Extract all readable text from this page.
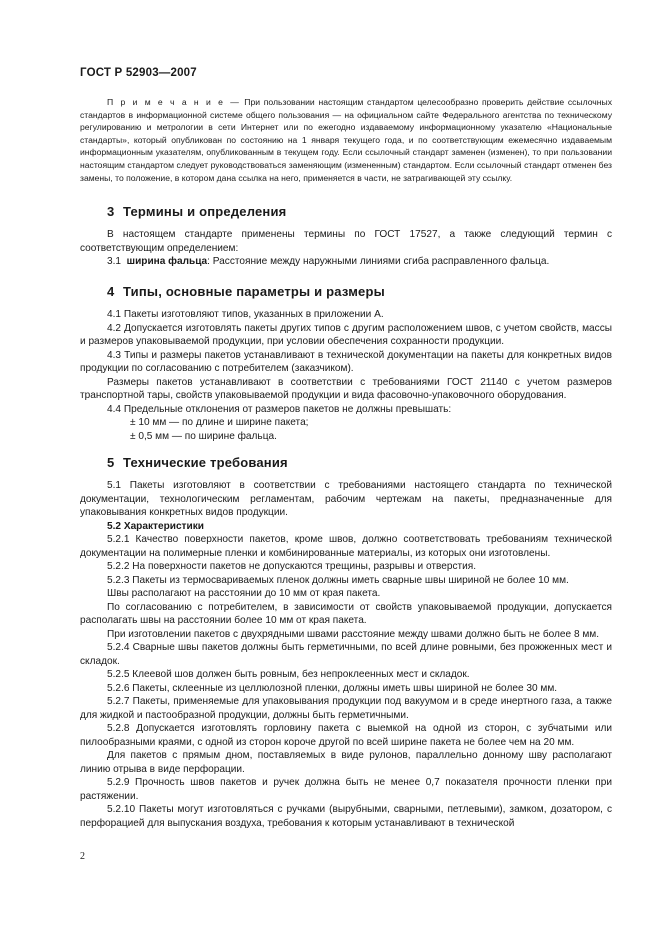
ГОСТ Р 52903—2007

П р и м е ч а н и е — При пользовании настоящим стандартом целесообразно проверить действие ссылочных стандартов в информационной системе общего пользования — на официальном сайте Федерального агентства по техническому регулированию и метрологии в сети Интернет или по ежегодно издаваемому информационному указателю «Национальные стандарты», который опубликован по состоянию на 1 января текущего года, и по соответствующим ежемесячно издаваемым информационным указателям, опубликованным в текущем году. Если ссылочный стандарт заменен (изменен), то при пользовании настоящим стандартом следует руководствоваться заменяющим (измененным) стандартом. Если ссылочный стандарт отменен без замены, то положение, в котором дана ссылка на него, применяется в части, не затрагивающей эту ссылку.

3 Термины и определения

В настоящем стандарте применены термины по ГОСТ 17527, а также следующий термин с соответствующим определением:

3.1 ширина фальца: Расстояние между наружными линиями сгиба расправленного фальца.

4 Типы, основные параметры и размеры

4.1 Пакеты изготовляют типов, указанных в приложении А.

4.2 Допускается изготовлять пакеты других типов с другим расположением швов, с учетом свойств, массы и размеров упаковываемой продукции, при условии обеспечения сохранности продукции.

4.3 Типы и размеры пакетов устанавливают в технической документации на пакеты для конкретных видов продукции по согласованию с потребителем (заказчиком).

Размеры пакетов устанавливают в соответствии с требованиями ГОСТ 21140 с учетом размеров транспортной тары, свойств упаковываемой продукции и вида фасовочно-упаковочного оборудования.

4.4 Предельные отклонения от размеров пакетов не должны превышать:

± 10 мм — по длине и ширине пакета;

± 0,5 мм — по ширине фальца.

5 Технические требования

5.1 Пакеты изготовляют в соответствии с требованиями настоящего стандарта по технической документации, технологическим регламентам, рабочим чертежам на пакеты, предназначенные для упаковывания конкретных видов продукции.

5.2 Характеристики

5.2.1 Качество поверхности пакетов, кроме швов, должно соответствовать требованиям технической документации на полимерные пленки и комбинированные материалы, из которых они изготовлены.

5.2.2 На поверхности пакетов не допускаются трещины, разрывы и отверстия.

5.2.3 Пакеты из термосвариваемых пленок должны иметь сварные швы шириной не более 10 мм.

Швы располагают на расстоянии до 10 мм от края пакета.

По согласованию с потребителем, в зависимости от свойств упаковываемой продукции, допускается располагать швы на расстоянии более 10 мм от края пакета.

При изготовлении пакетов с двухрядными швами расстояние между швами должно быть не более 8 мм.

5.2.4 Сварные швы пакетов должны быть герметичными, по всей длине ровными, без прожженных мест и складок.

5.2.5 Клеевой шов должен быть ровным, без непроклеенных мест и складок.

5.2.6 Пакеты, склеенные из целлюлозной пленки, должны иметь швы шириной не более 30 мм.

5.2.7 Пакеты, применяемые для упаковывания продукции под вакуумом и в среде инертного газа, а также для жидкой и пастообразной продукции, должны быть герметичными.

5.2.8 Допускается изготовлять горловину пакета с выемкой на одной из сторон, с зубчатыми или пилообразными краями, с одной из сторон короче другой по всей ширине пакета не более чем на 20 мм.

Для пакетов с прямым дном, поставляемых в виде рулонов, параллельно донному шву располагают линию отрыва в виде перфорации.

5.2.9 Прочность швов пакетов и ручек должна быть не менее 0,7 показателя прочности пленки при растяжении.

5.2.10 Пакеты могут изготовляться с ручками (вырубными, сварными, петлевыми), замком, дозатором, с перфорацией для выпускания воздуха, требования к которым устанавливают в технической

2
